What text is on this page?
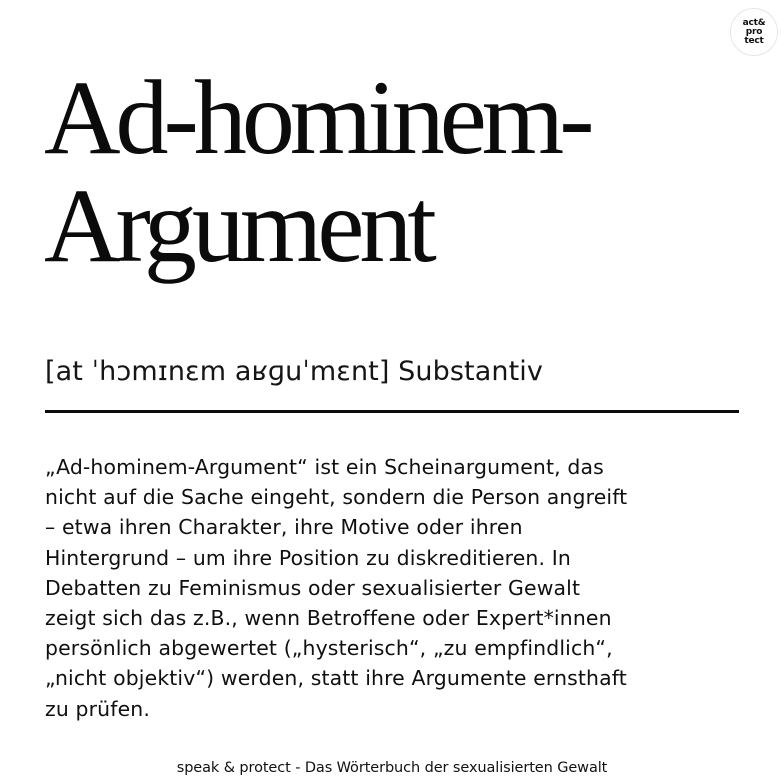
act&
pro
tect
Ad-hominem-
Argument
[at ˈhɔmɪnɛm aʁɡuˈmɛnt] Substantiv

„Ad-hominem-Argument“ ist ein Scheinargument, das
nicht auf die Sache eingeht, sondern die Person angreift
– etwa ihren Charakter, ihre Motive oder ihren
Hintergrund – um ihre Position zu diskreditieren. In
Debatten zu Feminismus oder sexualisierter Gewalt
zeigt sich das z.B., wenn Betroffene oder Expert*innen
persönlich abgewertet („hysterisch“, „zu empfindlich“,
„nicht objektiv“) werden, statt ihre Argumente ernsthaft
zu prüfen.

speak & protect - Das Wörterbuch der sexualisierten Gewalt
